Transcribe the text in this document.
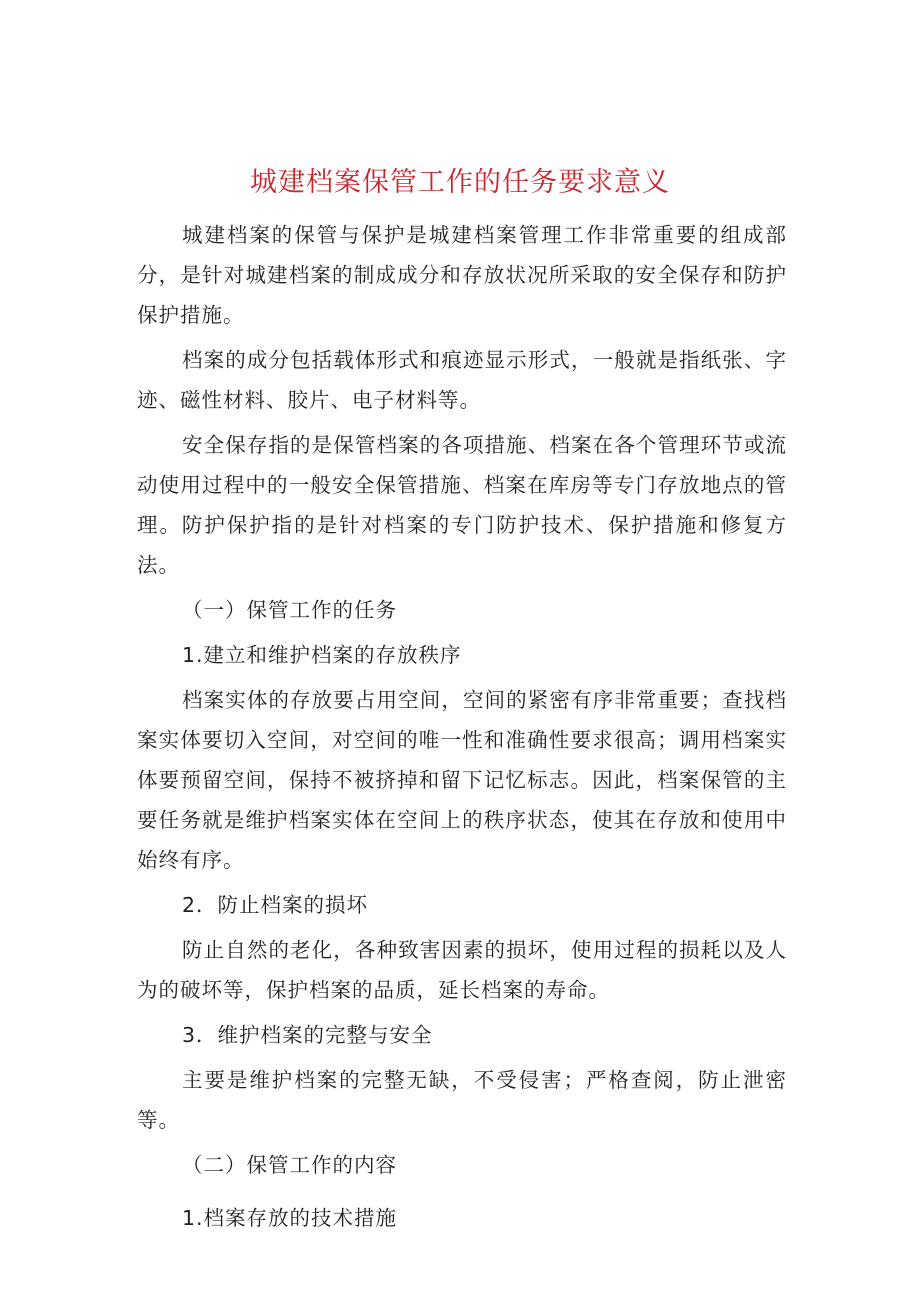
城建档案保管工作的任务要求意义

城建档案的保管与保护是城建档案管理工作非常重要的组成部分，是针对城建档案的制成成分和存放状况所采取的安全保存和防护保护措施。

档案的成分包括载体形式和痕迹显示形式，一般就是指纸张、字迹、磁性材料、胶片、电子材料等。

安全保存指的是保管档案的各项措施、档案在各个管理环节或流动使用过程中的一般安全保管措施、档案在库房等专门存放地点的管理。防护保护指的是针对档案的专门防护技术、保护措施和修复方法。

（一）保管工作的任务

1.建立和维护档案的存放秩序

档案实体的存放要占用空间，空间的紧密有序非常重要；查找档案实体要切入空间，对空间的唯一性和准确性要求很高；调用档案实体要预留空间，保持不被挤掉和留下记忆标志。因此，档案保管的主要任务就是维护档案实体在空间上的秩序状态，使其在存放和使用中始终有序。

2．防止档案的损坏

防止自然的老化，各种致害因素的损坏，使用过程的损耗以及人为的破坏等，保护档案的品质，延长档案的寿命。

3．维护档案的完整与安全

主要是维护档案的完整无缺，不受侵害；严格查阅，防止泄密等。

（二）保管工作的内容

1.档案存放的技术措施
